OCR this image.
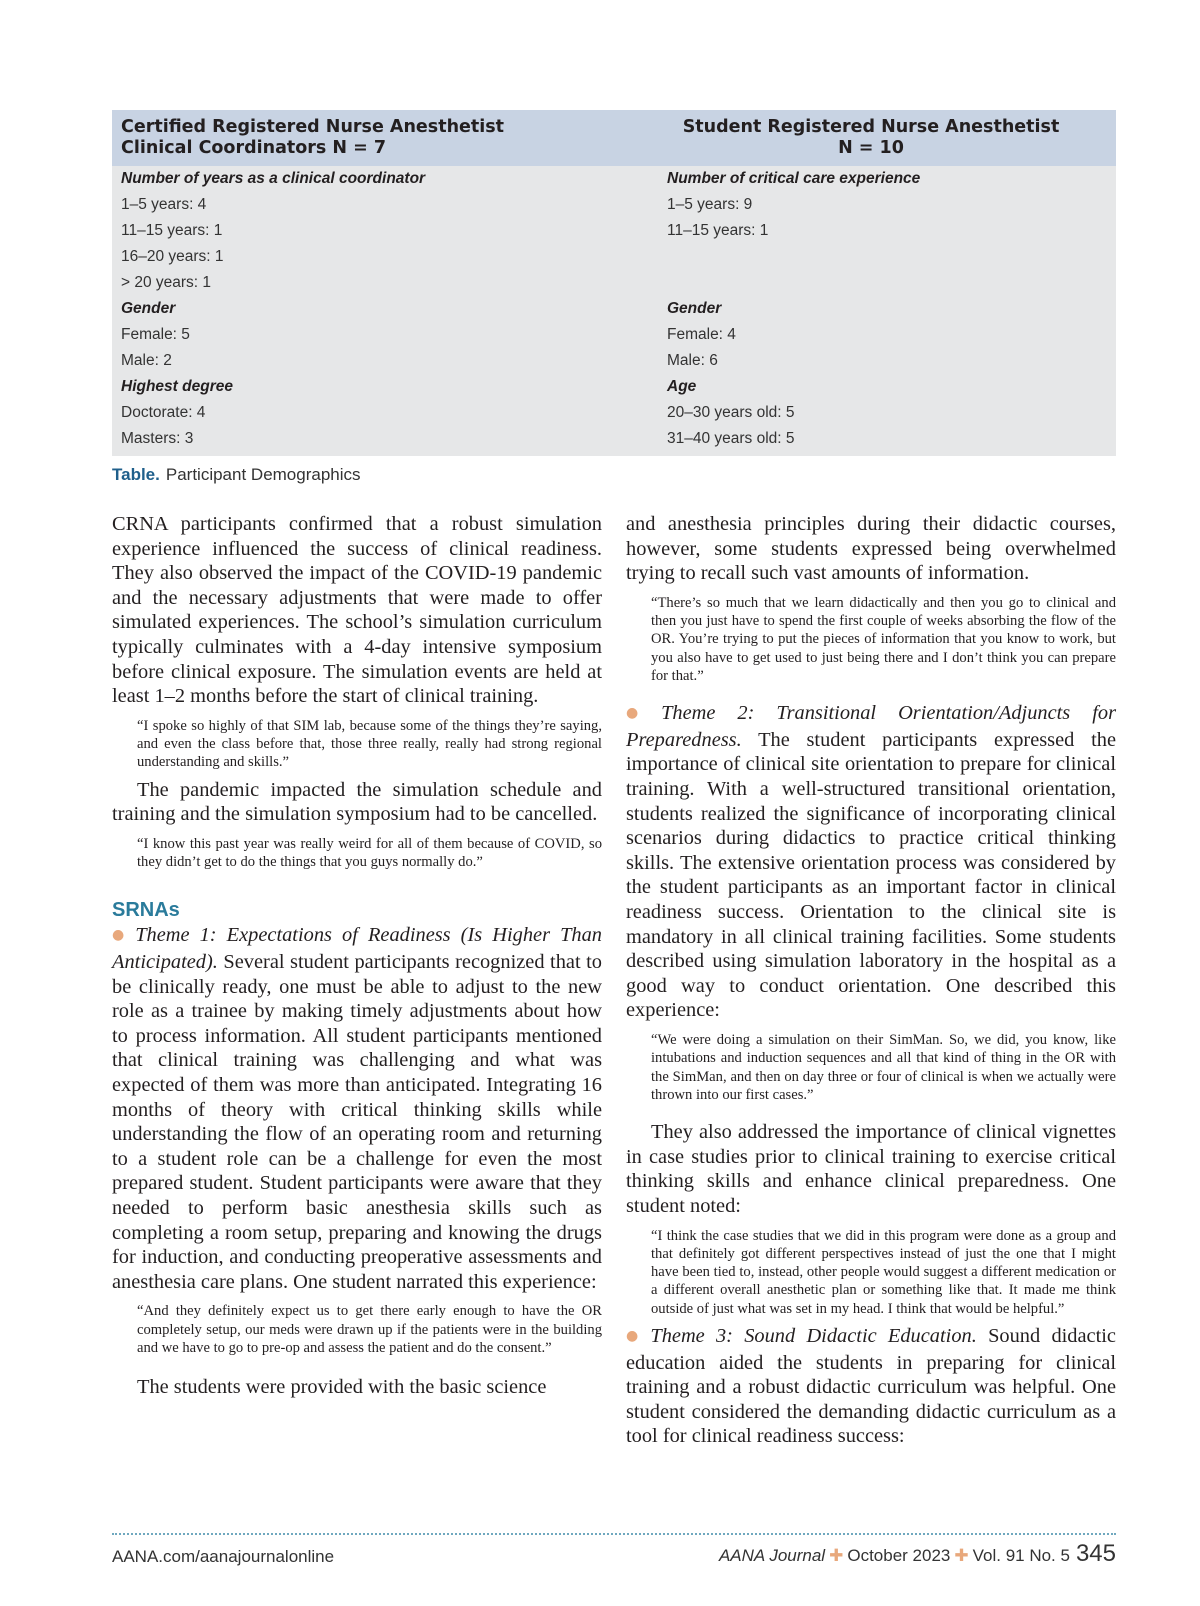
Certified Registered Nurse Anesthetist
Clinical Coordinators N = 7
Student Registered Nurse Anesthetist
N = 10
Number of years as a clinical coordinator
1–5 years: 4
11–15 years: 1
16–20 years: 1
> 20 years: 1
Gender
Female: 5
Male: 2
Highest degree
Doctorate: 4
Masters: 3
Number of critical care experience
1–5 years: 9
11–15 years: 1
Gender
Female: 4
Male: 6
Age
20–30 years old: 5
31–40 years old: 5
Table. Participant Demographics

CRNA participants confirmed that a robust simulation experience influenced the success of clinical readiness. They also observed the impact of the COVID-19 pandemic and the necessary adjustments that were made to offer simulated experiences. The school’s simulation curriculum typically culminates with a 4-day intensive symposium before clinical exposure. The simulation events are held at least 1–2 months before the start of clinical training.

“I spoke so highly of that SIM lab, because some of the things they’re saying, and even the class before that, those three really, really had strong regional understanding and skills.”

The pandemic impacted the simulation schedule and training and the simulation symposium had to be cancelled.

“I know this past year was really weird for all of them because of COVID, so they didn’t get to do the things that you guys normally do.”

SRNAs

● Theme 1: Expectations of Readiness (Is Higher Than Anticipated). Several student participants recognized that to be clinically ready, one must be able to adjust to the new role as a trainee by making timely adjustments about how to process information. All student participants mentioned that clinical training was challenging and what was expected of them was more than anticipated. Integrating 16 months of theory with critical thinking skills while understanding the flow of an operating room and returning to a student role can be a challenge for even the most prepared student. Student participants were aware that they needed to perform basic anesthesia skills such as completing a room setup, preparing and knowing the drugs for induction, and conducting preoperative assessments and anesthesia care plans. One student narrated this experience:

“And they definitely expect us to get there early enough to have the OR completely setup, our meds were drawn up if the patients were in the building and we have to go to pre-op and assess the patient and do the consent.”

The students were provided with the basic science

and anesthesia principles during their didactic courses, however, some students expressed being overwhelmed trying to recall such vast amounts of information.

“There’s so much that we learn didactically and then you go to clinical and then you just have to spend the first couple of weeks absorbing the flow of the OR. You’re trying to put the pieces of information that you know to work, but you also have to get used to just being there and I don’t think you can prepare for that.”

● Theme 2: Transitional Orientation/Adjuncts for Preparedness. The student participants expressed the importance of clinical site orientation to prepare for clinical training. With a well-structured transitional orientation, students realized the significance of incorporating clinical scenarios during didactics to practice critical thinking skills. The extensive orientation process was considered by the student participants as an important factor in clinical readiness success. Orientation to the clinical site is mandatory in all clinical training facilities. Some students described using simulation laboratory in the hospital as a good way to conduct orientation. One described this experience:

“We were doing a simulation on their SimMan. So, we did, you know, like intubations and induction sequences and all that kind of thing in the OR with the SimMan, and then on day three or four of clinical is when we actually were thrown into our first cases.”

They also addressed the importance of clinical vignettes in case studies prior to clinical training to exercise critical thinking skills and enhance clinical preparedness. One student noted:

“I think the case studies that we did in this program were done as a group and that definitely got different perspectives instead of just the one that I might have been tied to, instead, other people would suggest a different medication or a different overall anesthetic plan or something like that. It made me think outside of just what was set in my head. I think that would be helpful.”

● Theme 3: Sound Didactic Education. Sound didactic education aided the students in preparing for clinical training and a robust didactic curriculum was helpful. One student considered the demanding didactic curriculum as a tool for clinical readiness success:

AANA.com/aanajournalonline	AANA Journal ✚ October 2023 ✚ Vol. 91 No. 5 345
